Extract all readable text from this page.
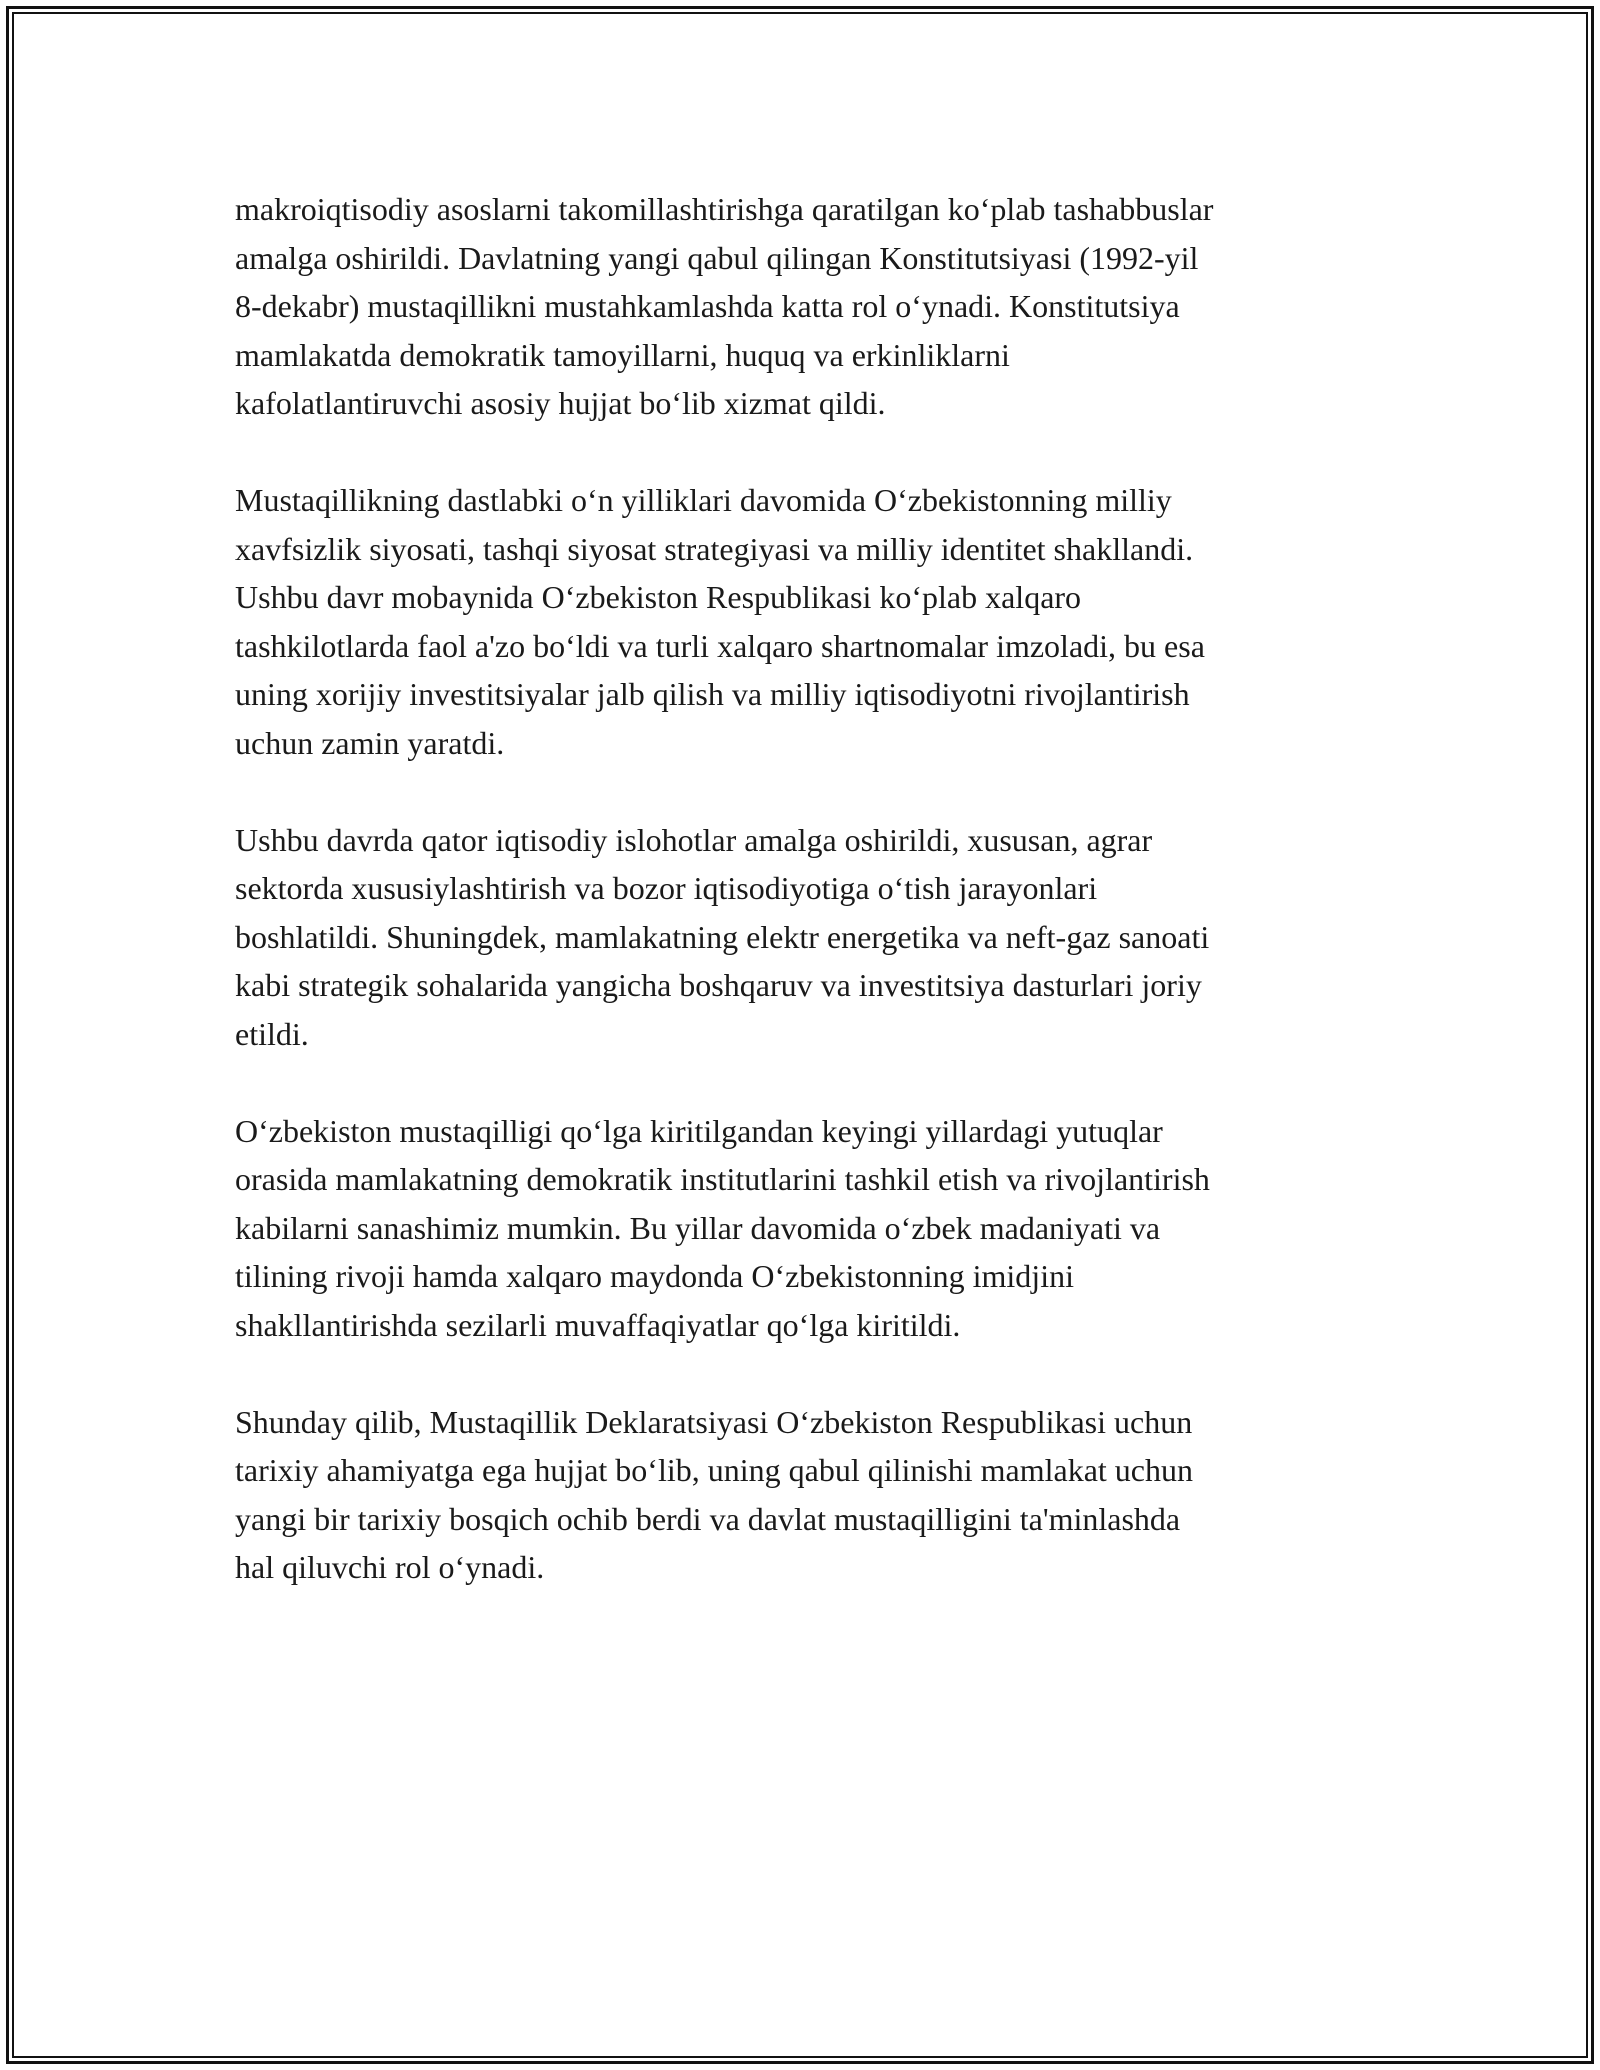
makroiqtisodiy asoslarni takomillashtirishga qaratilgan koʻplab tashabbuslar
amalga oshirildi. Davlatning yangi qabul qilingan Konstitutsiyasi (1992-yil
8-dekabr) mustaqillikni mustahkamlashda katta rol oʻynadi. Konstitutsiya
mamlakatda demokratik tamoyillarni, huquq va erkinliklarni
kafolatlantiruvchi asosiy hujjat boʻlib xizmat qildi.

Mustaqillikning dastlabki oʻn yilliklari davomida Oʻzbekistonning milliy
xavfsizlik siyosati, tashqi siyosat strategiyasi va milliy identitet shakllandi.
Ushbu davr mobaynida Oʻzbekiston Respublikasi koʻplab xalqaro
tashkilotlarda faol a'zo boʻldi va turli xalqaro shartnomalar imzoladi, bu esa
uning xorijiy investitsiyalar jalb qilish va milliy iqtisodiyotni rivojlantirish
uchun zamin yaratdi.

Ushbu davrda qator iqtisodiy islohotlar amalga oshirildi, xususan, agrar
sektorda xususiylashtirish va bozor iqtisodiyotiga oʻtish jarayonlari
boshlatildi. Shuningdek, mamlakatning elektr energetika va neft-gaz sanoati
kabi strategik sohalarida yangicha boshqaruv va investitsiya dasturlari joriy
etildi.

Oʻzbekiston mustaqilligi qoʻlga kiritilgandan keyingi yillardagi yutuqlar
orasida mamlakatning demokratik institutlarini tashkil etish va rivojlantirish
kabilarni sanashimiz mumkin. Bu yillar davomida oʻzbek madaniyati va
tilining rivoji hamda xalqaro maydonda Oʻzbekistonning imidjini
shakllantirishda sezilarli muvaffaqiyatlar qoʻlga kiritildi.

Shunday qilib, Mustaqillik Deklaratsiyasi Oʻzbekiston Respublikasi uchun
tarixiy ahamiyatga ega hujjat boʻlib, uning qabul qilinishi mamlakat uchun
yangi bir tarixiy bosqich ochib berdi va davlat mustaqilligini ta'minlashda
hal qiluvchi rol oʻynadi.
